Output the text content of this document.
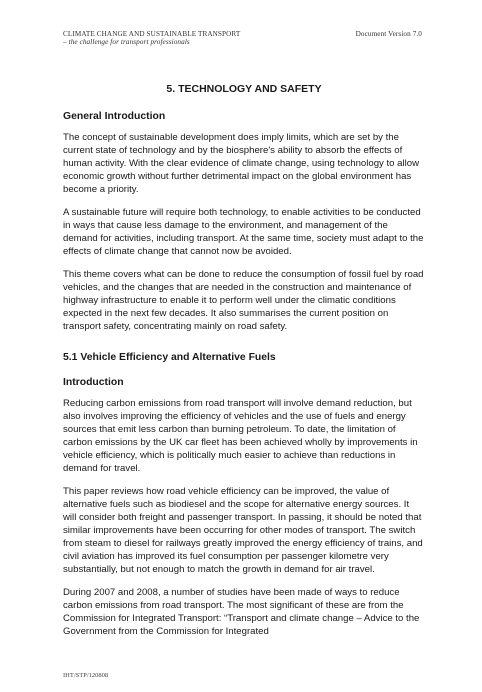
CLIMATE CHANGE AND SUSTAINABLE TRANSPORT
– the challenge for transport professionals
Document Version 7.0
5. TECHNOLOGY AND SAFETY
General Introduction
The concept of sustainable development does imply limits, which are set by the current state of technology and by the biosphere's ability to absorb the effects of human activity. With the clear evidence of climate change, using technology to allow economic growth without further detrimental impact on the global environment has become a priority.
A sustainable future will require both technology, to enable activities to be conducted in ways that cause less damage to the environment, and management of the demand for activities, including transport. At the same time, society must adapt to the effects of climate change that cannot now be avoided.
This theme covers what can be done to reduce the consumption of fossil fuel by road vehicles, and the changes that are needed in the construction and maintenance of highway infrastructure to enable it to perform well under the climatic conditions expected in the next few decades. It also summarises the current position on transport safety, concentrating mainly on road safety.
5.1 Vehicle Efficiency and Alternative Fuels
Introduction
Reducing carbon emissions from road transport will involve demand reduction, but also involves improving the efficiency of vehicles and the use of fuels and energy sources that emit less carbon than burning petroleum. To date, the limitation of carbon emissions by the UK car fleet has been achieved wholly by improvements in vehicle efficiency, which is politically much easier to achieve than reductions in demand for travel.
This paper reviews how road vehicle efficiency can be improved, the value of alternative fuels such as biodiesel and the scope for alternative energy sources. It will consider both freight and passenger transport. In passing, it should be noted that similar improvements have been occurring for other modes of transport. The switch from steam to diesel for railways greatly improved the energy efficiency of trains, and civil aviation has improved its fuel consumption per passenger kilometre very substantially, but not enough to match the growth in demand for air travel.
During 2007 and 2008, a number of studies have been made of ways to reduce carbon emissions from road transport. The most significant of these are from the Commission for Integrated Transport: “Transport and climate change – Advice to the Government from the Commission for Integrated
IHT/STP/120808
